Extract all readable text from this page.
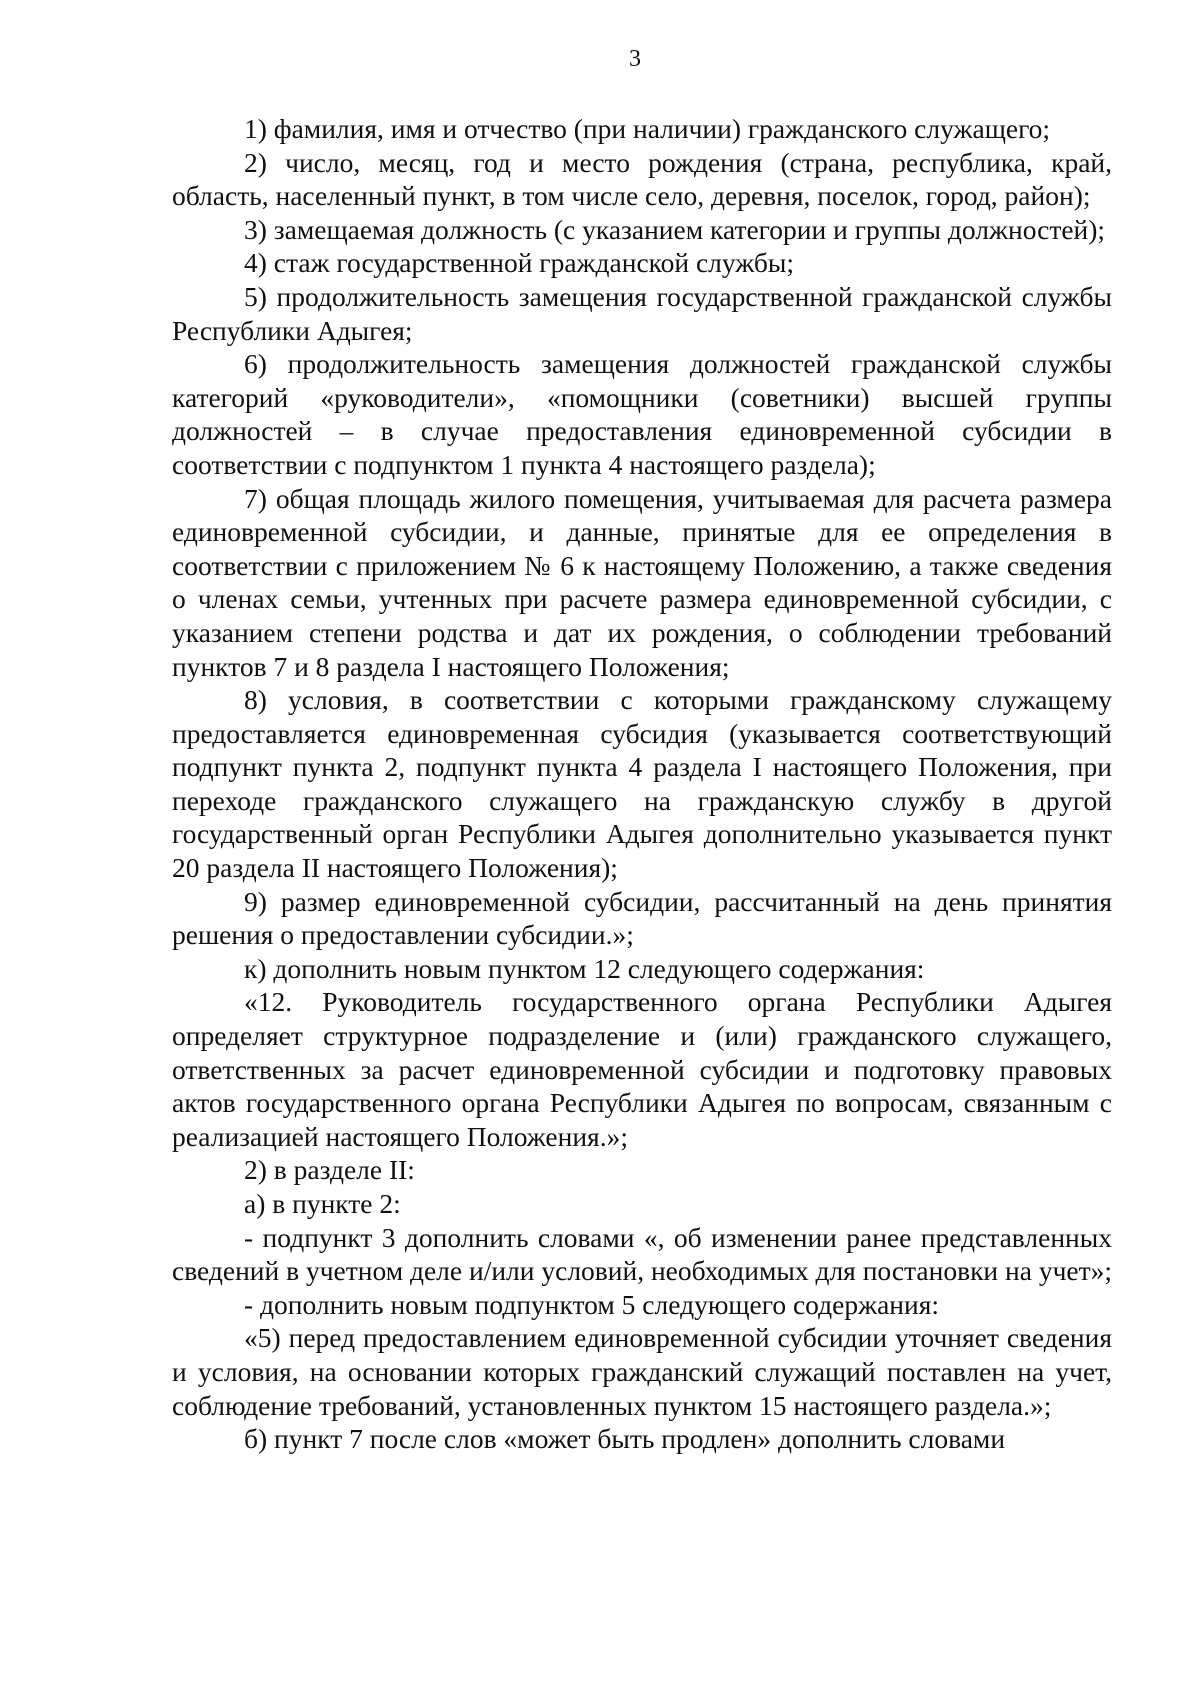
3

1) фамилия, имя и отчество (при наличии) гражданского служащего;

2) число, месяц, год и место рождения (страна, республика, край, область, населенный пункт, в том числе село, деревня, поселок, город, район);

3) замещаемая должность (с указанием категории и группы должностей);

4) стаж государственной гражданской службы;

5) продолжительность замещения государственной гражданской службы Республики Адыгея;

6) продолжительность замещения должностей гражданской службы категорий «руководители», «помощники (советники) высшей группы должностей – в случае предоставления единовременной субсидии в соответствии с подпунктом 1 пункта 4 настоящего раздела);

7) общая площадь жилого помещения, учитываемая для расчета размера единовременной субсидии, и данные, принятые для ее определения в соответствии с приложением № 6 к настоящему Положению, а также сведения о членах семьи, учтенных при расчете размера единовременной субсидии, с указанием степени родства и дат их рождения, о соблюдении требований пунктов 7 и 8 раздела I настоящего Положения;

8) условия, в соответствии с которыми гражданскому служащему предоставляется единовременная субсидия (указывается соответствующий подпункт пункта 2, подпункт пункта 4 раздела I настоящего Положения, при переходе гражданского служащего на гражданскую службу в другой государственный орган Республики Адыгея дополнительно указывается пункт 20 раздела II настоящего Положения);

9) размер единовременной субсидии, рассчитанный на день принятия решения о предоставлении субсидии.»;

к) дополнить новым пунктом 12 следующего содержания:

«12. Руководитель государственного органа Республики Адыгея определяет структурное подразделение и (или) гражданского служащего, ответственных за расчет единовременной субсидии и подготовку правовых актов государственного органа Республики Адыгея по вопросам, связанным с реализацией настоящего Положения.»;

2) в разделе II:

а) в пункте 2:

- подпункт 3 дополнить словами «, об изменении ранее представленных сведений в учетном деле и/или условий, необходимых для постановки на учет»;

- дополнить новым подпунктом 5 следующего содержания:

«5) перед предоставлением единовременной субсидии уточняет сведения и условия, на основании которых гражданский служащий поставлен на учет, соблюдение требований, установленных пунктом 15 настоящего раздела.»;

б) пункт 7 после слов «может быть продлен» дополнить словами
